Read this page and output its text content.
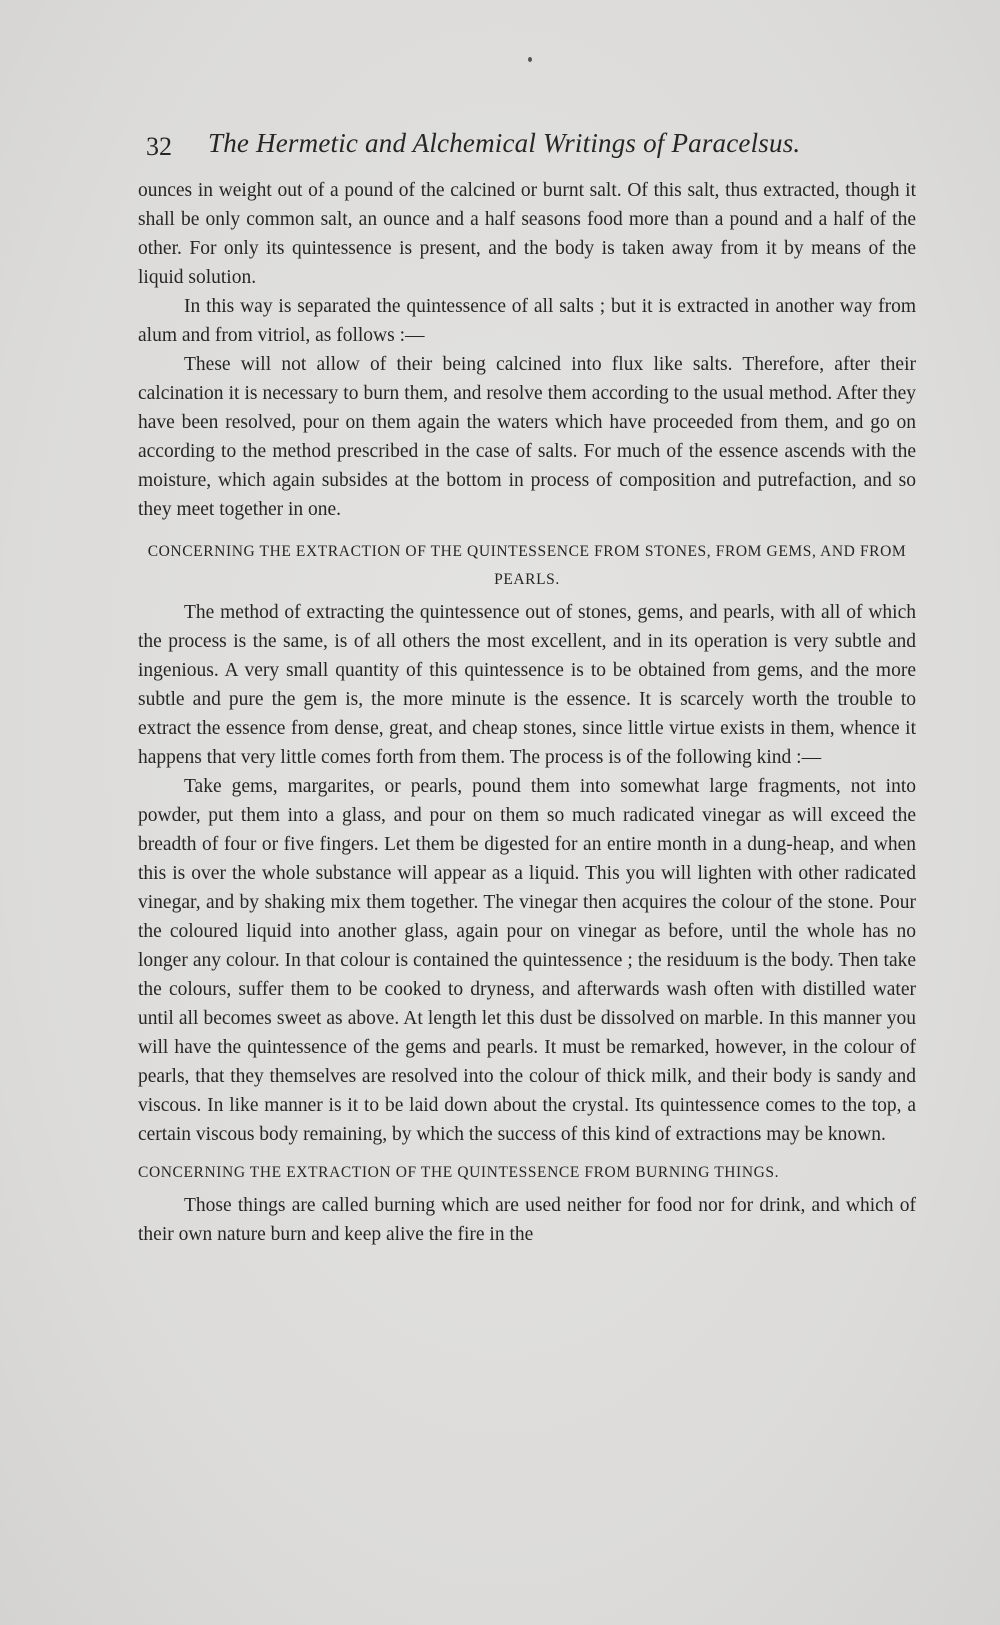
32 The Hermetic and Alchemical Writings of Paracelsus.

ounces in weight out of a pound of the calcined or burnt salt. Of this salt, thus extracted, though it shall be only common salt, an ounce and a half seasons food more than a pound and a half of the other. For only its quintessence is present, and the body is taken away from it by means of the liquid solution.

In this way is separated the quintessence of all salts ; but it is extracted in another way from alum and from vitriol, as follows :—

These will not allow of their being calcined into flux like salts. Therefore, after their calcination it is necessary to burn them, and resolve them according to the usual method. After they have been resolved, pour on them again the waters which have proceeded from them, and go on according to the method prescribed in the case of salts. For much of the essence ascends with the moisture, which again subsides at the bottom in process of composition and putrefaction, and so they meet together in one.

CONCERNING THE EXTRACTION OF THE QUINTESSENCE FROM STONES, FROM GEMS, AND FROM PEARLS.

The method of extracting the quintessence out of stones, gems, and pearls, with all of which the process is the same, is of all others the most excellent, and in its operation is very subtle and ingenious. A very small quantity of this quintessence is to be obtained from gems, and the more subtle and pure the gem is, the more minute is the essence. It is scarcely worth the trouble to extract the essence from dense, great, and cheap stones, since little virtue exists in them, whence it happens that very little comes forth from them. The process is of the following kind :—

Take gems, margarites, or pearls, pound them into somewhat large fragments, not into powder, put them into a glass, and pour on them so much radicated vinegar as will exceed the breadth of four or five fingers. Let them be digested for an entire month in a dung-heap, and when this is over the whole substance will appear as a liquid. This you will lighten with other radicated vinegar, and by shaking mix them together. The vinegar then acquires the colour of the stone. Pour the coloured liquid into another glass, again pour on vinegar as before, until the whole has no longer any colour. In that colour is contained the quintessence ; the residuum is the body. Then take the colours, suffer them to be cooked to dryness, and afterwards wash often with distilled water until all becomes sweet as above. At length let this dust be dissolved on marble. In this manner you will have the quintessence of the gems and pearls. It must be remarked, however, in the colour of pearls, that they themselves are resolved into the colour of thick milk, and their body is sandy and viscous. In like manner is it to be laid down about the crystal. Its quintessence comes to the top, a certain viscous body remaining, by which the success of this kind of extractions may be known.

CONCERNING THE EXTRACTION OF THE QUINTESSENCE FROM BURNING THINGS.

Those things are called burning which are used neither for food nor for drink, and which of their own nature burn and keep alive the fire in the
